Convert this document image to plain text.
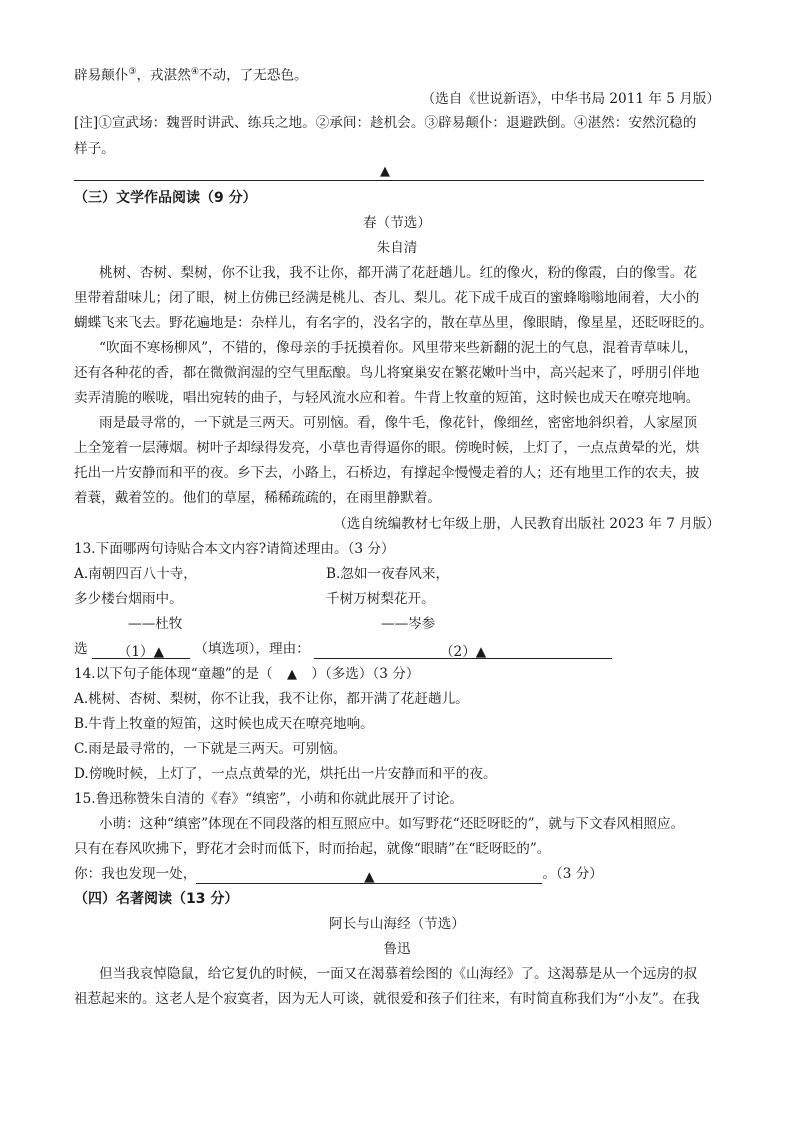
辟易颠仆③，戎湛然④不动，了无恐色。
（选自《世说新语》，中华书局 2011 年 5 月版）
[注]①宣武场：魏晋时讲武、练兵之地。②承间：趁机会。③辟易颠仆：退避跌倒。④湛然：安然沉稳的
样子。
▲
（三）文学作品阅读（9 分）
春（节选）
朱自清
桃树、杏树、梨树，你不让我，我不让你，都开满了花赶趟儿。红的像火，粉的像霞，白的像雪。花
里带着甜味儿；闭了眼，树上仿佛已经满是桃儿、杏儿、梨儿。花下成千成百的蜜蜂嗡嗡地闹着，大小的
蝴蝶飞来飞去。野花遍地是：杂样儿，有名字的，没名字的，散在草丛里，像眼睛，像星星，还眨呀眨的。
“吹面不寒杨柳风”，不错的，像母亲的手抚摸着你。风里带来些新翻的泥土的气息，混着青草味儿，
还有各种花的香，都在微微润湿的空气里酝酿。鸟儿将窠巢安在繁花嫩叶当中，高兴起来了，呼朋引伴地
卖弄清脆的喉咙，唱出宛转的曲子，与轻风流水应和着。牛背上牧童的短笛，这时候也成天在嘹亮地响。
雨是最寻常的，一下就是三两天。可别恼。看，像牛毛，像花针，像细丝，密密地斜织着，人家屋顶
上全笼着一层薄烟。树叶子却绿得发亮，小草也青得逼你的眼。傍晚时候，上灯了，一点点黄晕的光，烘
托出一片安静而和平的夜。乡下去，小路上，石桥边，有撑起伞慢慢走着的人；还有地里工作的农夫，披
着蓑，戴着笠的。他们的草屋，稀稀疏疏的，在雨里静默着。
（选自统编教材七年级上册，人民教育出版社 2023 年 7 月版）
13.下面哪两句诗贴合本文内容?请简述理由。（3 分）
A.南朝四百八十寺，	B.忽如一夜春风来，
多少楼台烟雨中。	千树万树梨花开。
——杜牧	——岑参
选 （1）▲ （填选项），理由：	（2）▲
14.以下句子能体现“童趣”的是（ ▲ ）（多选）（3 分）
A.桃树、杏树、梨树，你不让我，我不让你，都开满了花赶趟儿。
B.牛背上牧童的短笛，这时候也成天在嘹亮地响。
C.雨是最寻常的，一下就是三两天。可别恼。
D.傍晚时候，上灯了，一点点黄晕的光，烘托出一片安静而和平的夜。
15.鲁迅称赞朱自清的《春》“缜密”，小萌和你就此展开了讨论。
小萌：这种“缜密”体现在不同段落的相互照应中。如写野花“还眨呀眨的”，就与下文春风相照应。
只有在春风吹拂下，野花才会时而低下，时而抬起，就像“眼睛”在“眨呀眨的”。
你：我也发现一处，	▲	。（3 分）
（四）名著阅读（13 分）
阿长与山海经（节选）
鲁迅
但当我哀悼隐鼠，给它复仇的时候，一面又在渴慕着绘图的《山海经》了。这渴慕是从一个远房的叔
祖惹起来的。这老人是个寂寞者，因为无人可谈，就很爱和孩子们往来，有时简直称我们为“小友”。在我
